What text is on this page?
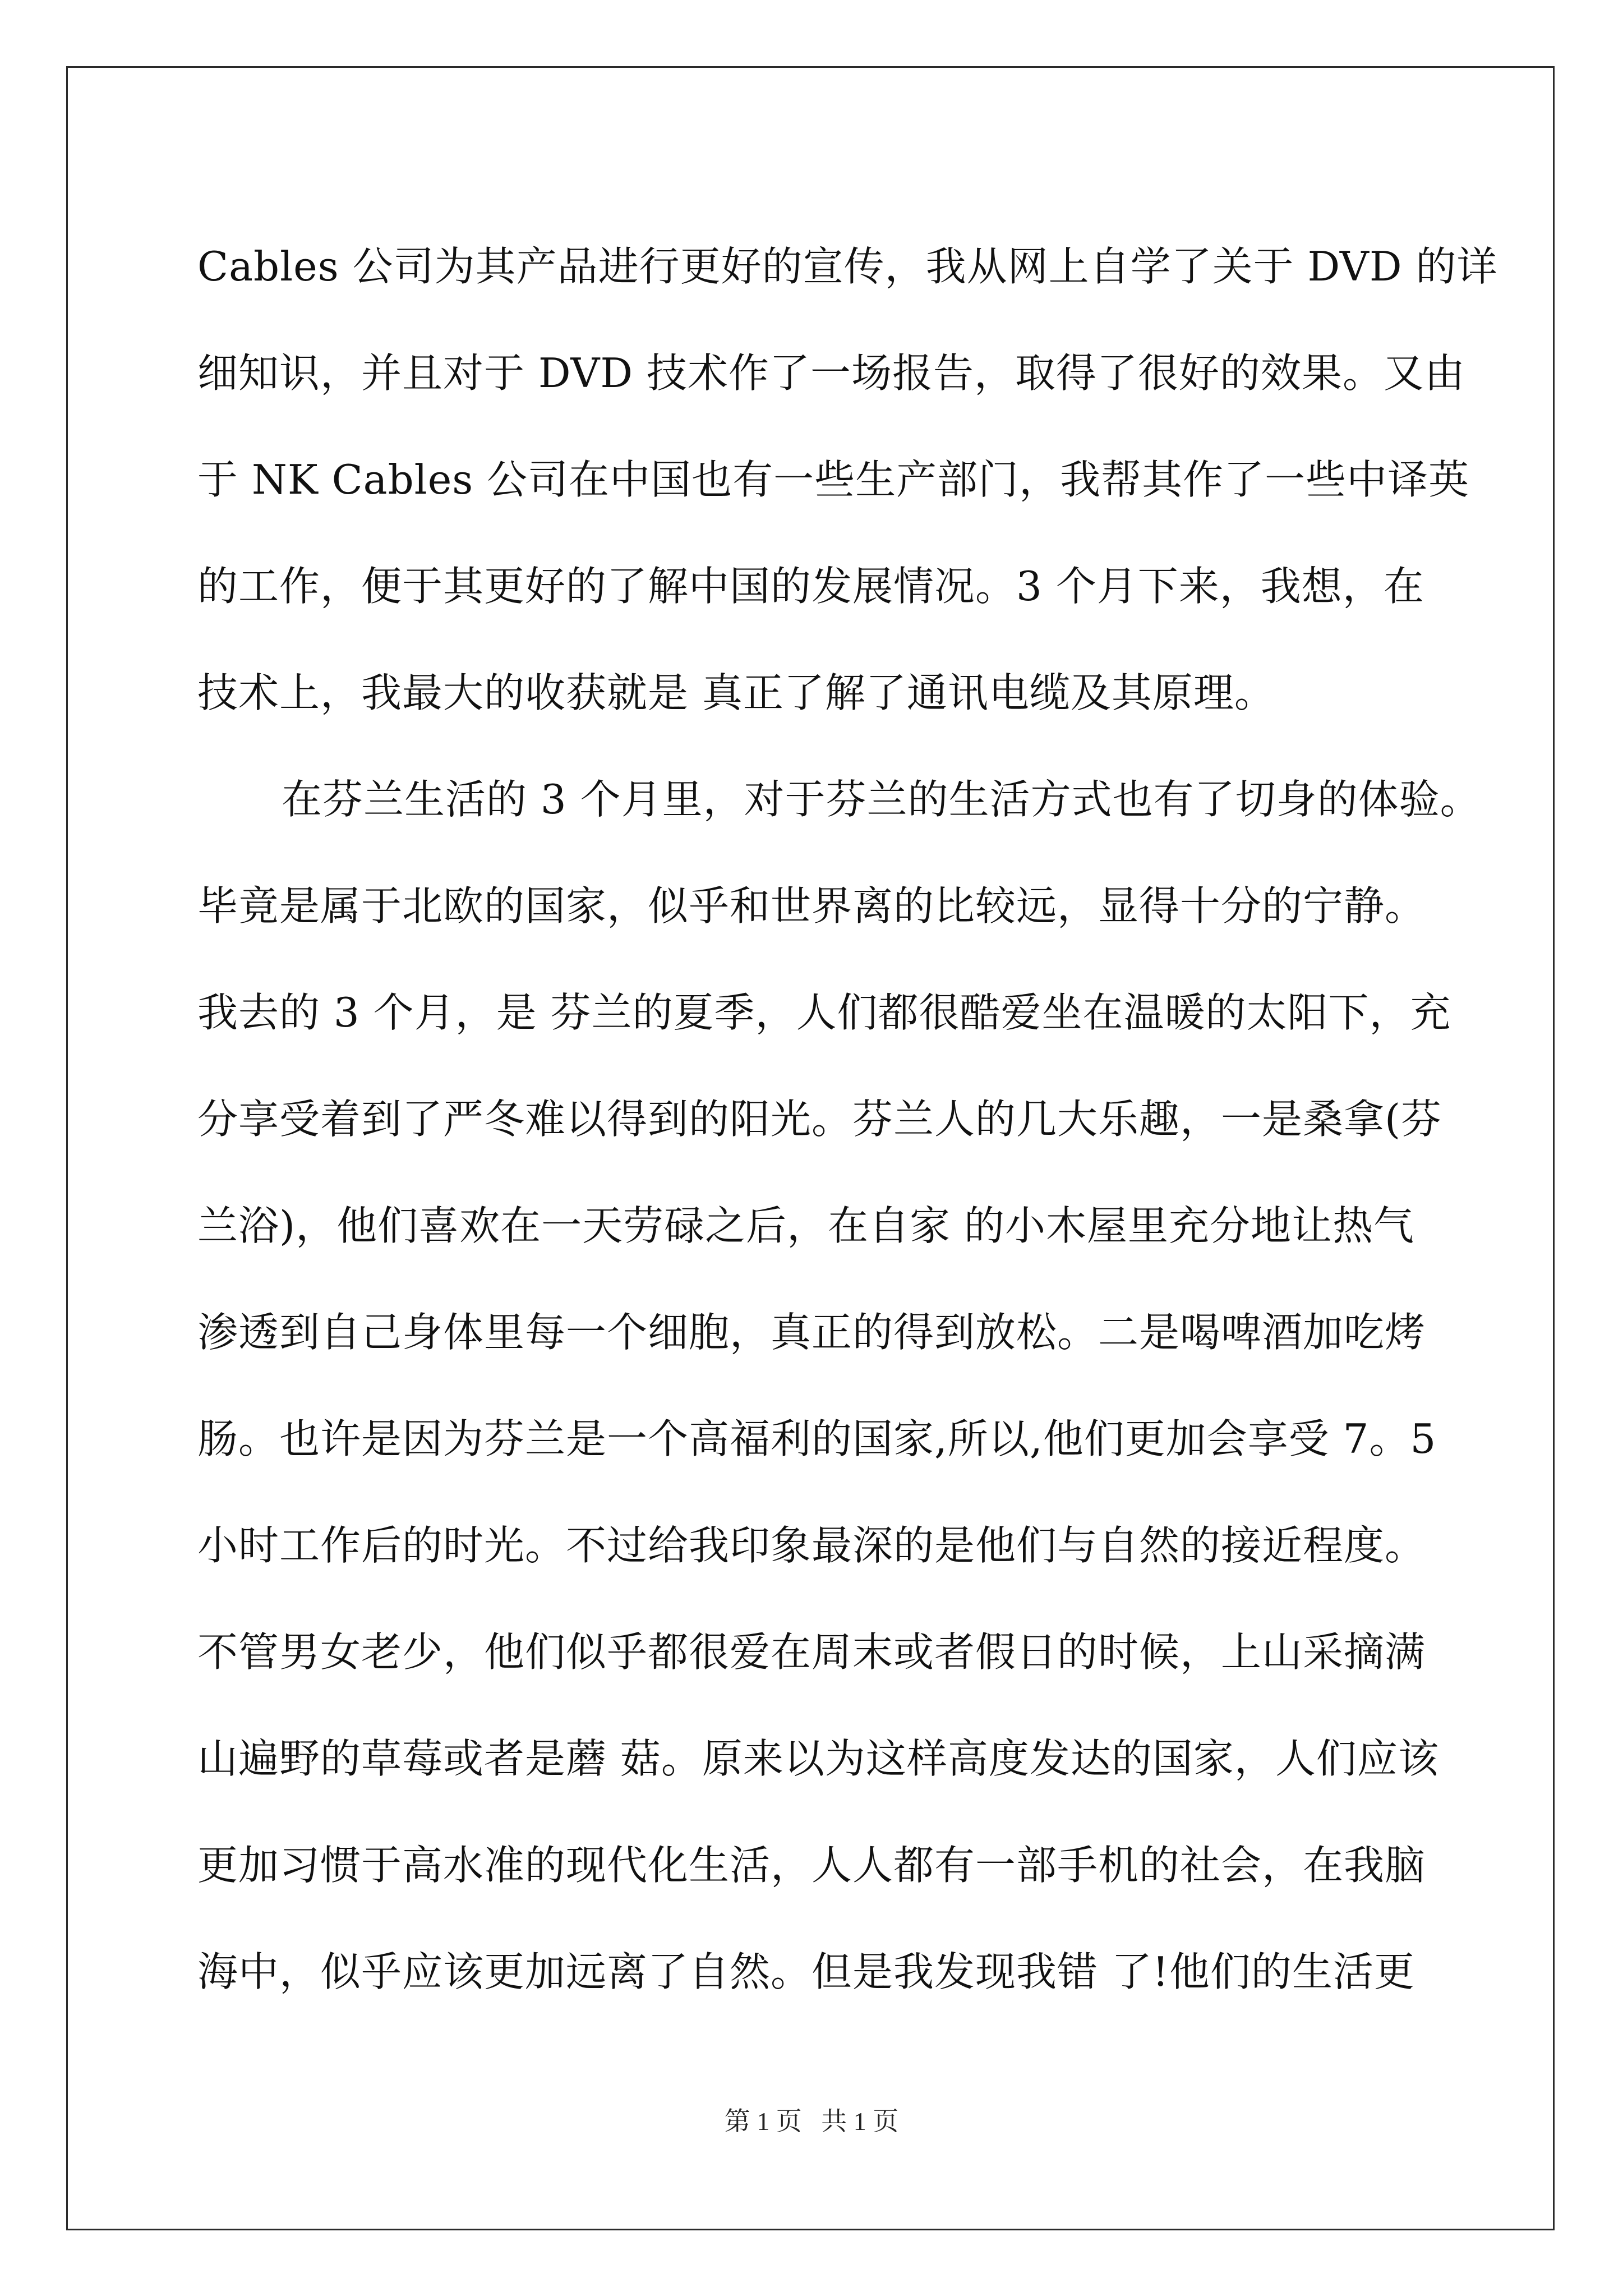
Cables 公司为其产品进行更好的宣传，我从网上自学了关于 DVD 的详
细知识，并且对于 DVD 技术作了一场报告，取得了很好的效果。又由
于 NK Cables 公司在中国也有一些生产部门，我帮其作了一些中译英
的工作，便于其更好的了解中国的发展情况。3 个月下来，我想，在
技术上，我最大的收获就是 真正了解了通讯电缆及其原理。
在芬兰生活的 3 个月里，对于芬兰的生活方式也有了切身的体验。
毕竟是属于北欧的国家，似乎和世界离的比较远，显得十分的宁静。
我去的 3 个月，是 芬兰的夏季，人们都很酷爱坐在温暖的太阳下，充
分享受着到了严冬难以得到的阳光。芬兰人的几大乐趣，一是桑拿(芬
兰浴)，他们喜欢在一天劳碌之后，在自家 的小木屋里充分地让热气
渗透到自己身体里每一个细胞，真正的得到放松。二是喝啤酒加吃烤
肠。也许是因为芬兰是一个高福利的国家,所以,他们更加会享受 7。5
小时工作后的时光。不过给我印象最深的是他们与自然的接近程度。
不管男女老少，他们似乎都很爱在周末或者假日的时候，上山采摘满
山遍野的草莓或者是蘑 菇。原来以为这样高度发达的国家，人们应该
更加习惯于高水准的现代化生活，人人都有一部手机的社会，在我脑
海中，似乎应该更加远离了自然。但是我发现我错 了!他们的生活更
第 1 页   共 1 页
